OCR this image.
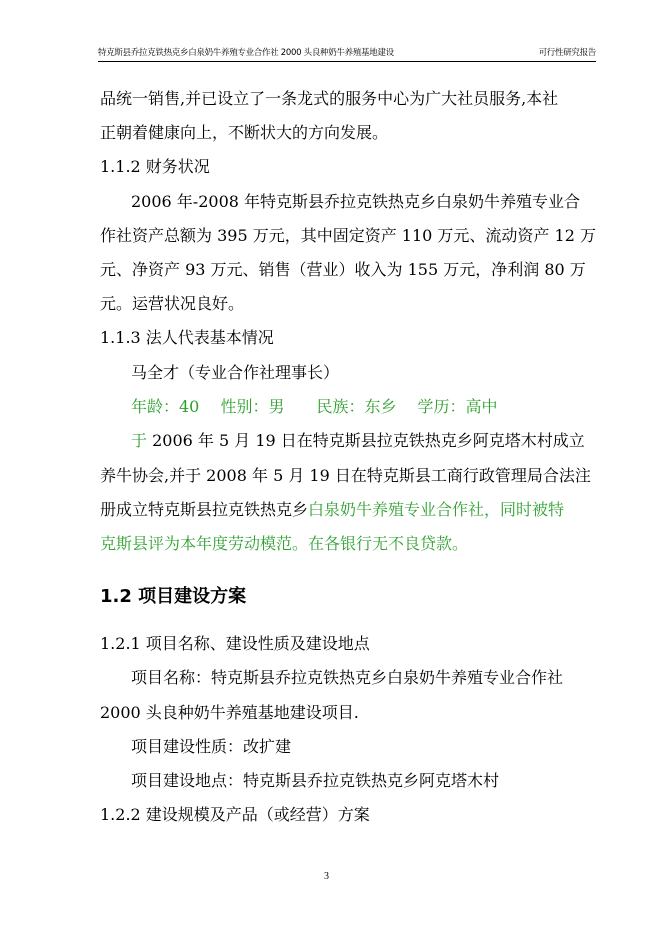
特克斯县乔拉克铁热克乡白泉奶牛养殖专业合作社 2000 头良种奶牛养殖基地建设	可行性研究报告
品统一销售,并已设立了一条龙式的服务中心为广大社员服务,本社
正朝着健康向上，不断状大的方向发展。
1.1.2 财务状况
2006 年-2008 年特克斯县乔拉克铁热克乡白泉奶牛养殖专业合
作社资产总额为 395 万元，其中固定资产 110 万元、流动资产 12 万
元、净资产 93 万元、销售（营业）收入为 155 万元，净利润 80 万
元。运营状况良好。
1.1.3 法人代表基本情况
马全才（专业合作社理事长）
年龄：40　 性别：男　　民族：东乡　 学历：高中
于 2006 年 5 月 19 日在特克斯县拉克铁热克乡阿克塔木村成立
养牛协会,并于 2008 年 5 月 19 日在特克斯县工商行政管理局合法注
册成立特克斯县拉克铁热克乡白泉奶牛养殖专业合作社，同时被特
克斯县评为本年度劳动模范。在各银行无不良贷款。
1.2 项目建设方案
1.2.1 项目名称、建设性质及建设地点
项目名称：特克斯县乔拉克铁热克乡白泉奶牛养殖专业合作社
2000 头良种奶牛养殖基地建设项目.
项目建设性质：改扩建
项目建设地点：特克斯县乔拉克铁热克乡阿克塔木村
1.2.2 建设规模及产品（或经营）方案
3
